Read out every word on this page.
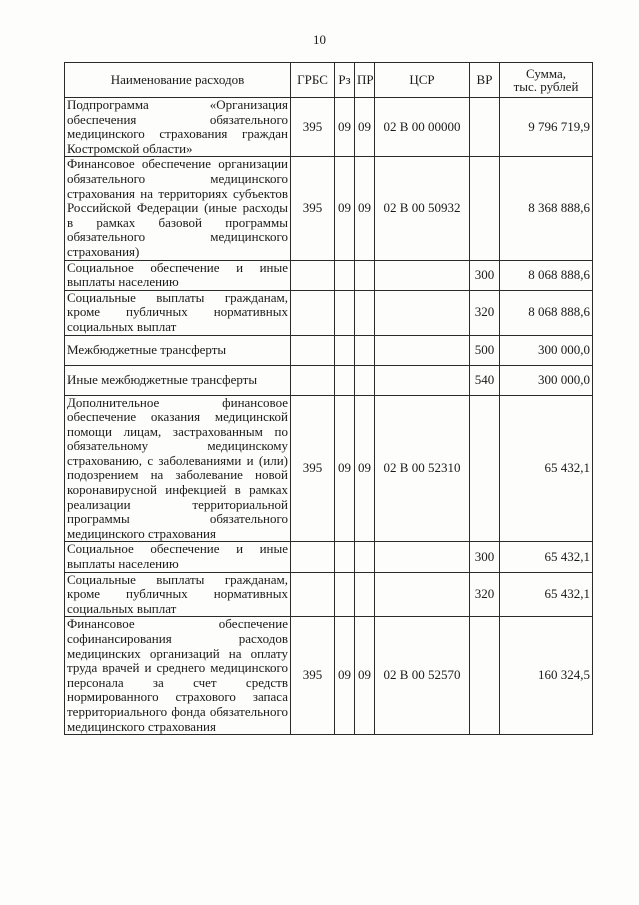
10
Наименование расходов	ГРБС	Рз	ПР	ЦСР	ВР	Сумма,
тыс. рублей
Подпрограмма «Организация обеспечения обязательного медицинского страхования граждан Костромской области»	395	09	09	02 В 00 00000		9 796 719,9
Финансовое обеспечение организации обязательного медицинского страхования на территориях субъектов Российской Федерации (иные расходы в рамках базовой программы обязательного медицинского страхования)	395	09	09	02 В 00 50932		8 368 888,6
Социальное обеспечение и иные выплаты населению					300	8 068 888,6
Социальные выплаты гражданам, кроме публичных нормативных социальных выплат					320	8 068 888,6
Межбюджетные трансферты					500	300 000,0
Иные межбюджетные трансферты					540	300 000,0
Дополнительное финансовое обеспечение оказания медицинской помощи лицам, застрахованным по обязательному медицинскому страхованию, с заболеваниями и (или) подозрением на заболевание новой коронавирусной инфекцией в рамках реализации территориальной программы обязательного медицинского страхования	395	09	09	02 В 00 52310		65 432,1
Социальное обеспечение и иные выплаты населению					300	65 432,1
Социальные выплаты гражданам, кроме публичных нормативных социальных выплат					320	65 432,1
Финансовое обеспечение софинансирования расходов медицинских организаций на оплату труда врачей и среднего медицинского персонала за счет средств нормированного страхового запаса территориального фонда обязательного медицинского страхования	395	09	09	02 В 00 52570		160 324,5
